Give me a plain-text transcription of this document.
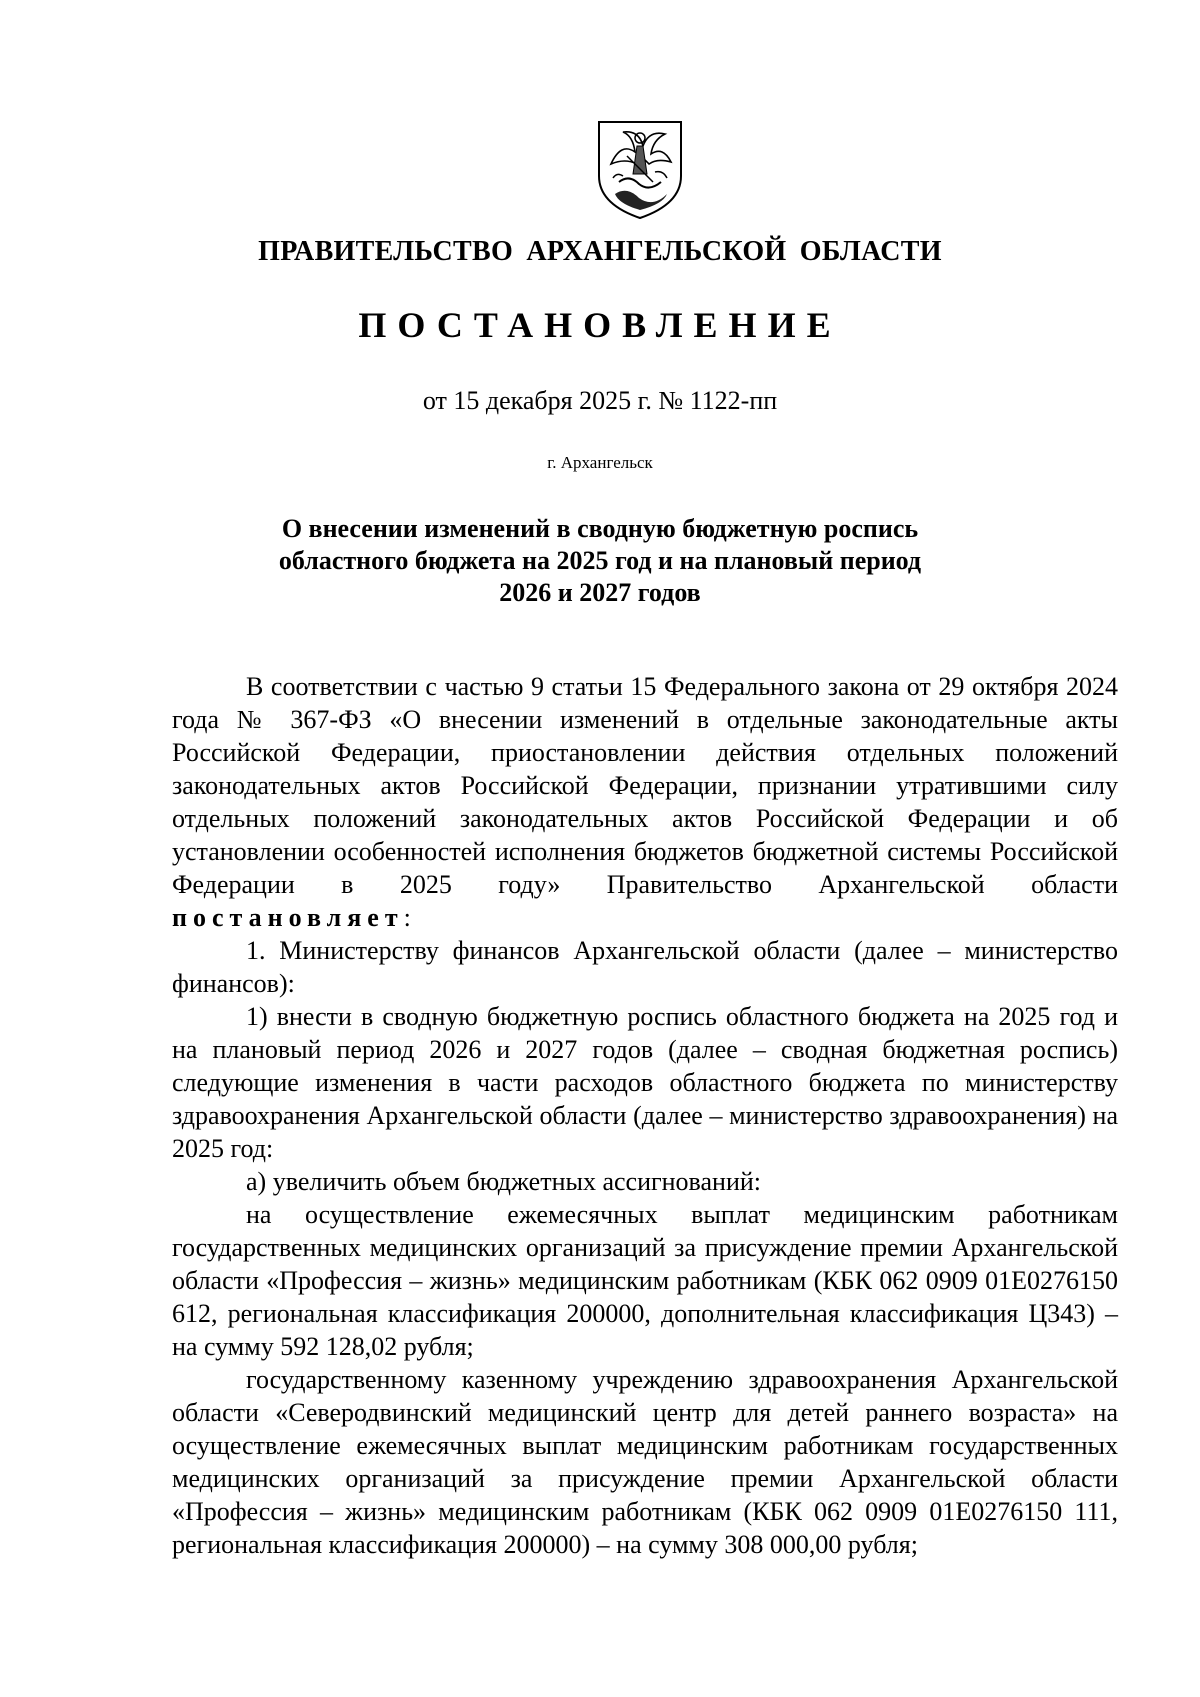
ПРАВИТЕЛЬСТВО АРХАНГЕЛЬСКОЙ ОБЛАСТИ
ПОСТАНОВЛЕНИЕ
от 15 декабря 2025 г. № 1122-пп
г. Архангельск
О внесении изменений в сводную бюджетную роспись
областного бюджета на 2025 год и на плановый период
2026 и 2027 годов

В соответствии с частью 9 статьи 15 Федерального закона от 29 октября 2024 года № 367-ФЗ «О внесении изменений в отдельные законодательные акты Российской Федерации, приостановлении действия отдельных положений законодательных актов Российской Федерации, признании утратившими силу отдельных положений законодательных актов Российской Федерации и об установлении особенностей исполнения бюджетов бюджетной системы Российской Федерации в 2025 году» Правительство Архангельской области постановляет:

1. Министерству финансов Архангельской области (далее – министерство финансов):

1) внести в сводную бюджетную роспись областного бюджета на 2025 год и на плановый период 2026 и 2027 годов (далее – сводная бюджетная роспись) следующие изменения в части расходов областного бюджета по министерству здравоохранения Архангельской области (далее – министерство здравоохранения) на 2025 год:

а) увеличить объем бюджетных ассигнований:

на осуществление ежемесячных выплат медицинским работникам государственных медицинских организаций за присуждение премии Архангельской области «Профессия – жизнь» медицинским работникам (КБК 062 0909 01Е0276150 612, региональная классификация 200000, дополнительная классификация Ц343) – на сумму 592 128,02 рубля;

государственному казенному учреждению здравоохранения Архангельской области «Северодвинский медицинский центр для детей раннего возраста» на осуществление ежемесячных выплат медицинским работникам государственных медицинских организаций за присуждение премии Архангельской области «Профессия – жизнь» медицинским работникам (КБК 062 0909 01Е0276150 111, региональная классификация 200000) – на сумму 308 000,00 рубля;
